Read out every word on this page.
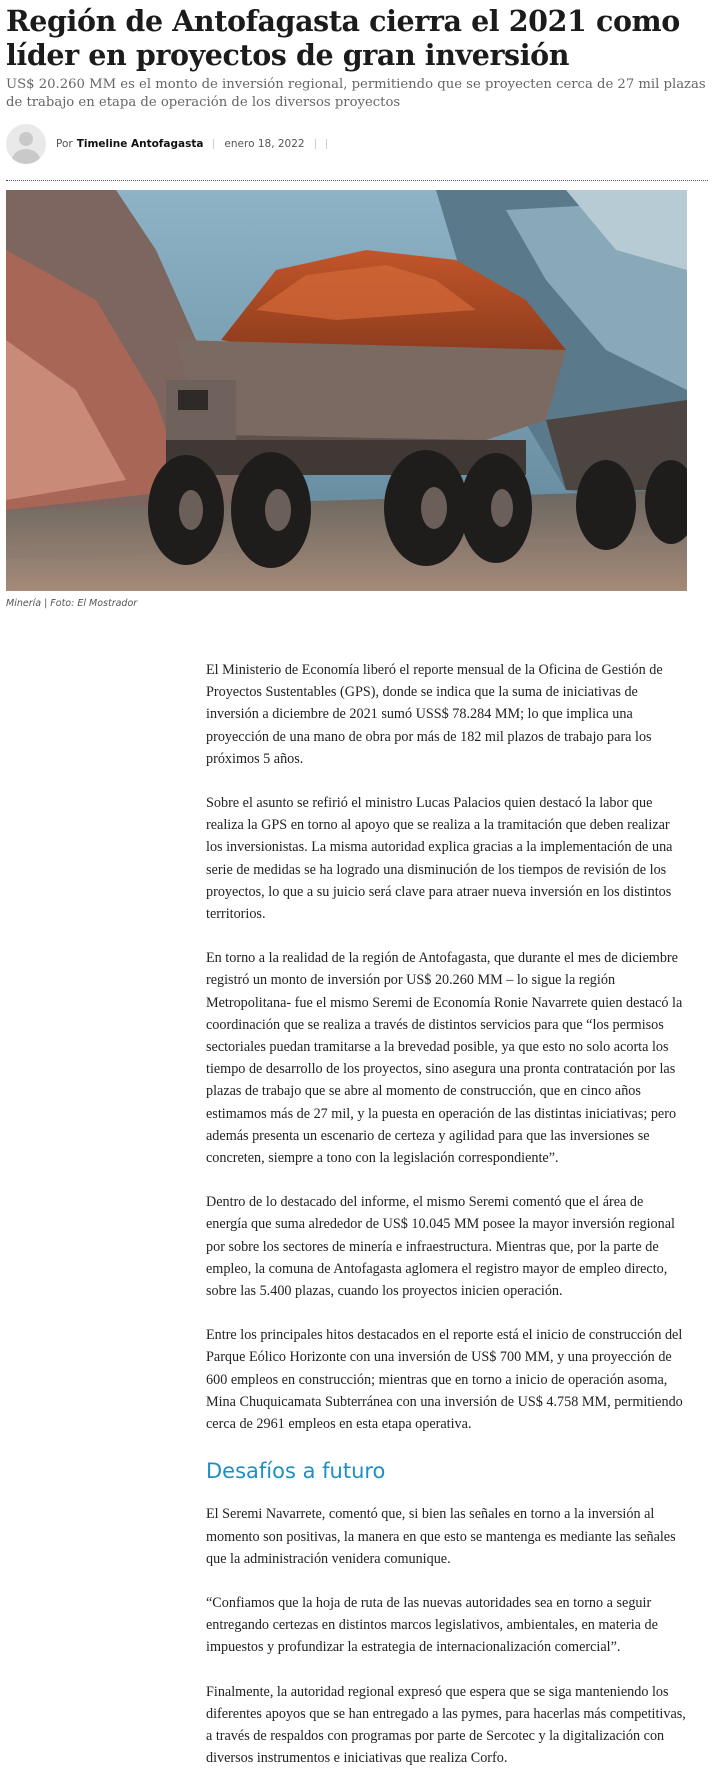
Región de Antofagasta cierra el 2021 como líder en proyectos de gran inversión

US$ 20.260 MM es el monto de inversión regional, permitiendo que se proyecten cerca de 27 mil plazas de trabajo en etapa de operación de los diversos proyectos

Por Timeline Antofagasta enero 18, 2022

Minería | Foto: El Mostrador

El Ministerio de Economía liberó el reporte mensual de la Oficina de Gestión de Proyectos Sustentables (GPS), donde se indica que la suma de iniciativas de inversión a diciembre de 2021 sumó USS$ 78.284 MM; lo que implica una proyección de una mano de obra por más de 182 mil plazos de trabajo para los próximos 5 años.

Sobre el asunto se refirió el ministro Lucas Palacios quien destacó la labor que realiza la GPS en torno al apoyo que se realiza a la tramitación que deben realizar los inversionistas. La misma autoridad explica gracias a la implementación de una serie de medidas se ha logrado una disminución de los tiempos de revisión de los proyectos, lo que a su juicio será clave para atraer nueva inversión en los distintos territorios.

En torno a la realidad de la región de Antofagasta, que durante el mes de diciembre registró un monto de inversión por US$ 20.260 MM – lo sigue la región Metropolitana- fue el mismo Seremi de Economía Ronie Navarrete quien destacó la coordinación que se realiza a través de distintos servicios para que “los permisos sectoriales puedan tramitarse a la brevedad posible, ya que esto no solo acorta los tiempo de desarrollo de los proyectos, sino asegura una pronta contratación por las plazas de trabajo que se abre al momento de construcción, que en cinco años estimamos más de 27 mil, y la puesta en operación de las distintas iniciativas; pero además presenta un escenario de certeza y agilidad para que las inversiones se concreten, siempre a tono con la legislación correspondiente”.

Dentro de lo destacado del informe, el mismo Seremi comentó que el área de energía que suma alrededor de US$ 10.045 MM posee la mayor inversión regional por sobre los sectores de minería e infraestructura. Mientras que, por la parte de empleo, la comuna de Antofagasta aglomera el registro mayor de empleo directo, sobre las 5.400 plazas, cuando los proyectos inicien operación.

Entre los principales hitos destacados en el reporte está el inicio de construcción del Parque Eólico Horizonte con una inversión de US$ 700 MM, y una proyección de 600 empleos en construcción; mientras que en torno a inicio de operación asoma, Mina Chuquicamata Subterránea con una inversión de US$ 4.758 MM, permitiendo cerca de 2961 empleos en esta etapa operativa.

Desafíos a futuro

El Seremi Navarrete, comentó que, si bien las señales en torno a la inversión al momento son positivas, la manera en que esto se mantenga es mediante las señales que la administración venidera comunique.

“Confiamos que la hoja de ruta de las nuevas autoridades sea en torno a seguir entregando certezas en distintos marcos legislativos, ambientales, en materia de impuestos y profundizar la estrategia de internacionalización comercial”.

Finalmente, la autoridad regional expresó que espera que se siga manteniendo los diferentes apoyos que se han entregado a las pymes, para hacerlas más competitivas, a través de respaldos con programas por parte de Sercotec y la digitalización con diversos instrumentos e iniciativas que realiza Corfo.
